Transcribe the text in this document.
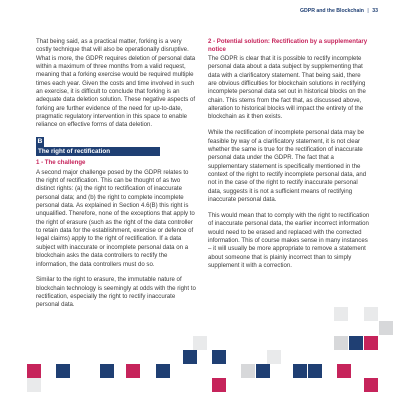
GDPR and the Blockchain | 33

That being said, as a practical matter, forking is a very costly technique that will also be operationally disruptive. What is more, the GDPR requires deletion of personal data within a maximum of three months from a valid request, meaning that a forking exercise would be required multiple times each year. Given the costs and time involved in such an exercise, it is difficult to conclude that forking is an adequate data deletion solution. These negative aspects of forking are further evidence of the need for up-to-date, pragmatic regulatory intervention in this space to enable reliance on effective forms of data deletion.

B
The right of rectification
1 - The challenge

A second major challenge posed by the GDPR relates to the right of rectification. This can be thought of as two distinct rights: (a) the right to rectification of inaccurate personal data; and (b) the right to complete incomplete personal data. As explained in Section 4.6(B) this right is unqualified. Therefore, none of the exceptions that apply to the right of erasure (such as the right of the data controller to retain data for the establishment, exercise or defence of legal claims) apply to the right of rectification. If a data subject with inaccurate or incomplete personal data on a blockchain asks the data controllers to rectify the information, the data controllers must do so.

Similar to the right to erasure, the immutable nature of blockchain technology is seemingly at odds with the right to rectification, especially the right to rectify inaccurate personal data.

2 - Potential solution: Rectification by a supplementary notice

The GDPR is clear that it is possible to rectify incomplete personal data about a data subject by supplementing that data with a clarificatory statement. That being said, there are obvious difficulties for blockchain solutions in rectifying incomplete personal data set out in historical blocks on the chain. This stems from the fact that, as discussed above, alteration to historical blocks will impact the entirety of the blockchain as it then exists.

While the rectification of incomplete personal data may be feasible by way of a clarificatory statement, it is not clear whether the same is true for the rectification of inaccurate personal data under the GDPR. The fact that a supplementary statement is specifically mentioned in the context of the right to rectify incomplete personal data, and not in the case of the right to rectify inaccurate personal data, suggests it is not a sufficient means of rectifying inaccurate personal data.

This would mean that to comply with the right to rectification of inaccurate personal data, the earlier incorrect information would need to be erased and replaced with the corrected information. This of course makes sense in many instances – it will usually be more appropriate to remove a statement about someone that is plainly incorrect than to simply supplement it with a correction.
